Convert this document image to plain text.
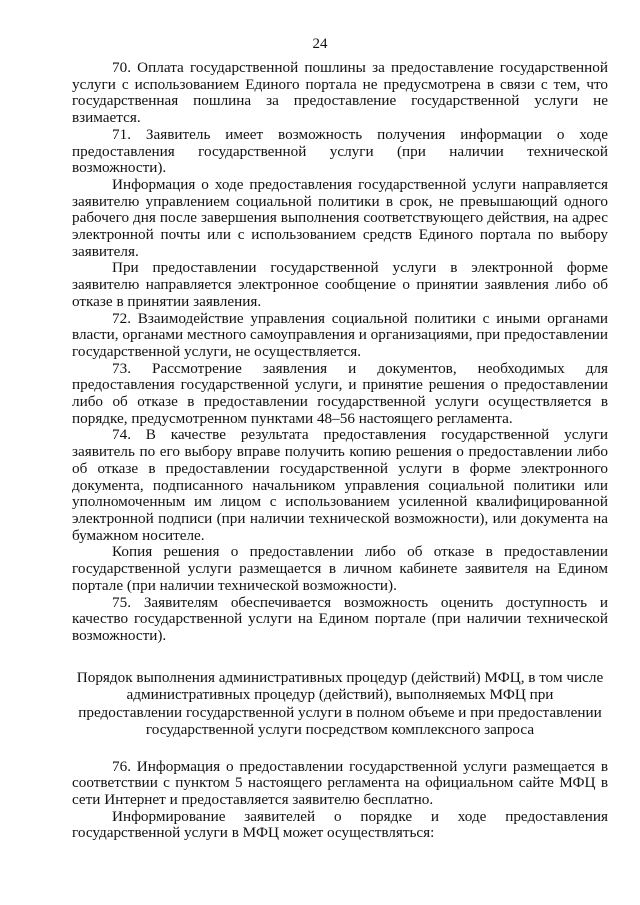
24

70. Оплата государственной пошлины за предоставление государственной услуги с использованием Единого портала не предусмотрена в связи с тем, что государственная пошлина за предоставление государственной услуги не взимается.

71. Заявитель имеет возможность получения информации о ходе предоставления государственной услуги (при наличии технической возможности).

Информация о ходе предоставления государственной услуги направляется заявителю управлением социальной политики в срок, не превышающий одного рабочего дня после завершения выполнения соответствующего действия, на адрес электронной почты или с использованием средств Единого портала по выбору заявителя.

При предоставлении государственной услуги в электронной форме заявителю направляется электронное сообщение о принятии заявления либо об отказе в принятии заявления.

72. Взаимодействие управления социальной политики с иными органами власти, органами местного самоуправления и организациями, при предоставлении государственной услуги, не осуществляется.

73. Рассмотрение заявления и документов, необходимых для предоставления государственной услуги, и принятие решения о предоставлении либо об отказе в предоставлении государственной услуги осуществляется в порядке, предусмотренном пунктами 48–56 настоящего регламента.

74. В качестве результата предоставления государственной услуги заявитель по его выбору вправе получить копию решения о предоставлении либо об отказе в предоставлении государственной услуги в форме электронного документа, подписанного начальником управления социальной политики или уполномоченным им лицом с использованием усиленной квалифицированной электронной подписи (при наличии технической возможности), или документа на бумажном носителе.

Копия решения о предоставлении либо об отказе в предоставлении государственной услуги размещается в личном кабинете заявителя на Едином портале (при наличии технической возможности).

75. Заявителям обеспечивается возможность оценить доступность и качество государственной услуги на Едином портале (при наличии технической возможности).

Порядок выполнения административных процедур (действий) МФЦ, в том числе административных процедур (действий), выполняемых МФЦ при предоставлении государственной услуги в полном объеме и при предоставлении государственной услуги посредством комплексного запроса

76. Информация о предоставлении государственной услуги размещается в соответствии с пунктом 5 настоящего регламента на официальном сайте МФЦ в сети Интернет и предоставляется заявителю бесплатно.

Информирование заявителей о порядке и ходе предоставления государственной услуги в МФЦ может осуществляться:
